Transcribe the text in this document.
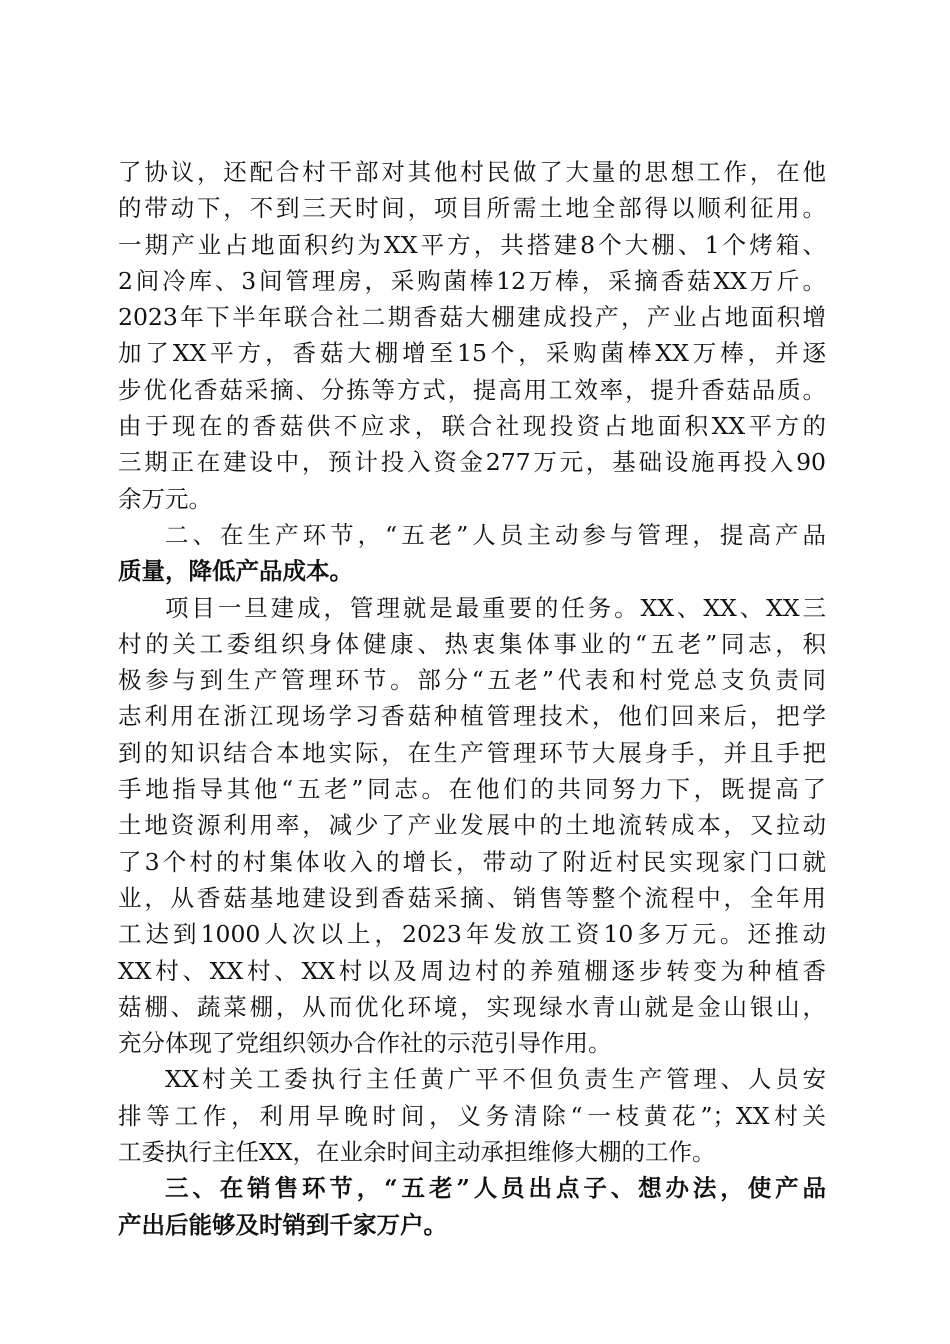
了协议，还配合村干部对其他村民做了大量的思想工作，在他
的带动下，不到三天时间，项目所需土地全部得以顺利征用。
一期产业占地面积约为XX平方，共搭建8个大棚、1个烤箱、
2间冷库、3间管理房，采购菌棒12万棒，采摘香菇XX万斤。
2023年下半年联合社二期香菇大棚建成投产，产业占地面积增
加了XX平方，香菇大棚增至15个，采购菌棒XX万棒，并逐
步优化香菇采摘、分拣等方式，提高用工效率，提升香菇品质。
由于现在的香菇供不应求，联合社现投资占地面积XX平方的
三期正在建设中，预计投入资金277万元，基础设施再投入90
余万元。
二、在生产环节，“五老”人员主动参与管理，提高产品
质量，降低产品成本。
项目一旦建成，管理就是最重要的任务。XX、XX、XX三
村的关工委组织身体健康、热衷集体事业的“五老”同志，积
极参与到生产管理环节。部分“五老”代表和村党总支负责同
志利用在浙江现场学习香菇种植管理技术，他们回来后，把学
到的知识结合本地实际，在生产管理环节大展身手，并且手把
手地指导其他“五老”同志。在他们的共同努力下，既提高了
土地资源利用率，减少了产业发展中的土地流转成本，又拉动
了3个村的村集体收入的增长，带动了附近村民实现家门口就
业，从香菇基地建设到香菇采摘、销售等整个流程中，全年用
工达到1000人次以上，2023年发放工资10多万元。还推动
XX村、XX村、XX村以及周边村的养殖棚逐步转变为种植香
菇棚、蔬菜棚，从而优化环境，实现绿水青山就是金山银山，
充分体现了党组织领办合作社的示范引导作用。
XX村关工委执行主任黄广平不但负责生产管理、人员安
排等工作，利用早晚时间，义务清除“一枝黄花”；XX村关
工委执行主任XX，在业余时间主动承担维修大棚的工作。
三、在销售环节，“五老”人员出点子、想办法，使产品
产出后能够及时销到千家万户。
